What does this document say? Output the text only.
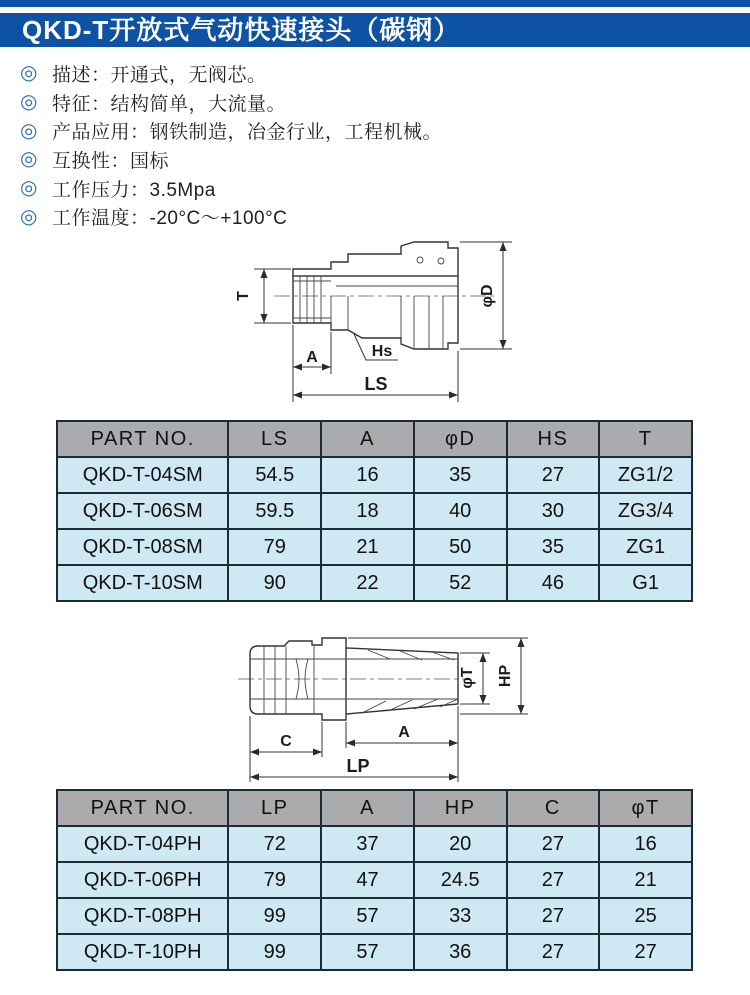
QKD-T开放式气动快速接头（碳钢）
◎ 描述：开通式，无阀芯。
◎ 特征：结构简单，大流量。
◎ 产品应用：钢铁制造，冶金行业，工程机械。
◎ 互换性：国标
◎ 工作压力：3.5Mpa
◎ 工作温度：-20°C～+100°C
T
A	Hs
LS
φD
PART NO.	LS	A	φD	HS	T
QKD-T-04SM	54.5	16	35	27	ZG1/2
QKD-T-06SM	59.5	18	40	30	ZG3/4
QKD-T-08SM	79	21	50	35	ZG1
QKD-T-10SM	90	22	52	46	G1
C
A
LP
φT HP
PART NO.	LP	A	HP	C	φT
QKD-T-04PH	72	37	20	27	16
QKD-T-06PH	79	47	24.5	27	21
QKD-T-08PH	99	57	33	27	25
QKD-T-10PH	99	57	36	27	27
